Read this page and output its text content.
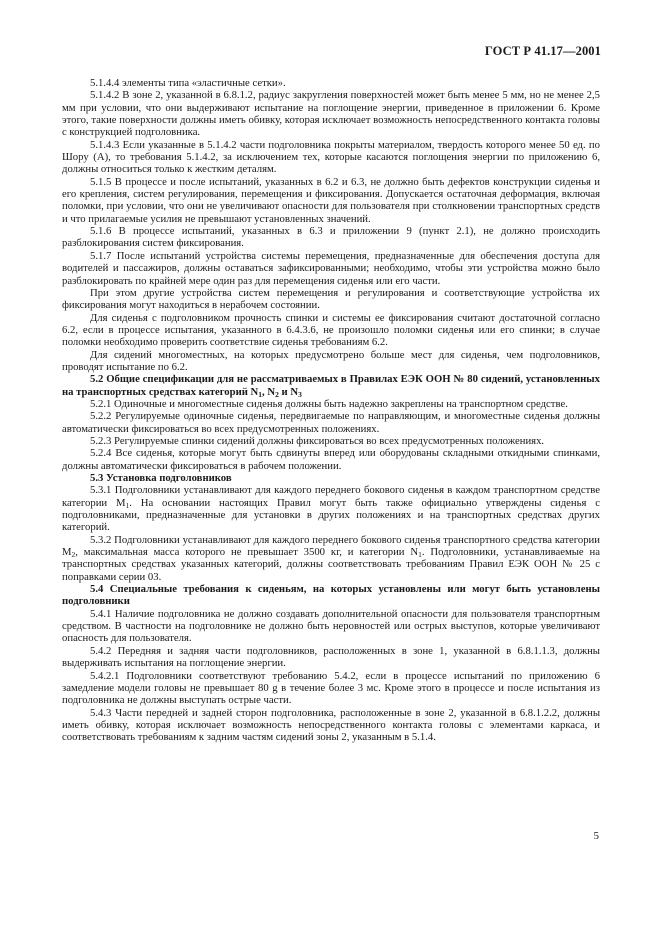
ГОСТ Р 41.17—2001

5.1.4.4 элементы типа «эластичные сетки».

5.1.4.2 В зоне 2, указанной в 6.8.1.2, радиус закругления поверхностей может быть менее 5 мм, но не менее 2,5 мм при условии, что они выдерживают испытание на поглощение энергии, приведенное в приложении 6. Кроме этого, такие поверхности должны иметь обивку, которая исключает возможность непосредственного контакта головы с конструкцией подголовника.

5.1.4.3 Если указанные в 5.1.4.2 части подголовника покрыты материалом, твердость которого менее 50 ед. по Шору (А), то требования 5.1.4.2, за исключением тех, которые касаются поглощения энергии по приложению 6, должны относиться только к жестким деталям.

5.1.5 В процессе и после испытаний, указанных в 6.2 и 6.3, не должно быть дефектов конструкции сиденья и его крепления, систем регулирования, перемещения и фиксирования. Допускается остаточная деформация, включая поломки, при условии, что они не увеличивают опасности для пользователя при столкновении транспортных средств и что прилагаемые усилия не превышают установленных значений.

5.1.6 В процессе испытаний, указанных в 6.3 и приложении 9 (пункт 2.1), не должно происходить разблокирования систем фиксирования.

5.1.7 После испытаний устройства системы перемещения, предназначенные для обеспечения доступа для водителей и пассажиров, должны оставаться зафиксированными; необходимо, чтобы эти устройства можно было разблокировать по крайней мере один раз для перемещения сиденья или его части.

При этом другие устройства систем перемещения и регулирования и соответствующие устройства их фиксирования могут находиться в нерабочем состоянии.

Для сиденья с подголовником прочность спинки и системы ее фиксирования считают достаточной согласно 6.2, если в процессе испытания, указанного в 6.4.3.6, не произошло поломки сиденья или его спинки; в случае поломки необходимо проверить соответствие сиденья требованиям 6.2.

Для сидений многоместных, на которых предусмотрено больше мест для сиденья, чем подголовников, проводят испытание по 6.2.

5.2 Общие спецификации для не рассматриваемых в Правилах ЕЭК ООН № 80 сидений, установленных на транспортных средствах категорий $N_1$, $N_2$ и $N_3$

5.2.1 Одиночные и многоместные сиденья должны быть надежно закреплены на транспортном средстве.

5.2.2 Регулируемые одиночные сиденья, передвигаемые по направляющим, и многоместные сиденья должны автоматически фиксироваться во всех предусмотренных положениях.

5.2.3 Регулируемые спинки сидений должны фиксироваться во всех предусмотренных положениях.

5.2.4 Все сиденья, которые могут быть сдвинуты вперед или оборудованы складными откидными спинками, должны автоматически фиксироваться в рабочем положении.

5.3 Установка подголовников

5.3.1 Подголовники устанавливают для каждого переднего бокового сиденья в каждом транспортном средстве категории $M_1$. На основании настоящих Правил могут быть также официально утверждены сиденья с подголовниками, предназначенные для установки в других положениях и на транспортных средствах других категорий.

5.3.2 Подголовники устанавливают для каждого переднего бокового сиденья транспортного средства категории $M_2$, максимальная масса которого не превышает 3500 кг, и категории $N_1$. Подголовники, устанавливаемые на транспортных средствах указанных категорий, должны соответствовать требованиям Правил ЕЭК ООН № 25 с поправками серии 03.

5.4 Специальные требования к сиденьям, на которых установлены или могут быть установлены подголовники

5.4.1 Наличие подголовника не должно создавать дополнительной опасности для пользователя транспортным средством. В частности на подголовнике не должно быть неровностей или острых выступов, которые увеличивают опасность для пользователя.

5.4.2 Передняя и задняя части подголовников, расположенных в зоне 1, указанной в 6.8.1.1.3, должны выдерживать испытания на поглощение энергии.

5.4.2.1 Подголовники соответствуют требованию 5.4.2, если в процессе испытаний по приложению 6 замедление модели головы не превышает 80 g в течение более 3 мс. Кроме этого в процессе и после испытания из подголовника не должны выступать острые части.

5.4.3 Части передней и задней сторон подголовника, расположенные в зоне 2, указанной в 6.8.1.2.2, должны иметь обивку, которая исключает возможность непосредственного контакта головы с элементами каркаса, и соответствовать требованиям к задним частям сидений зоны 2, указанным в 5.1.4.

5
